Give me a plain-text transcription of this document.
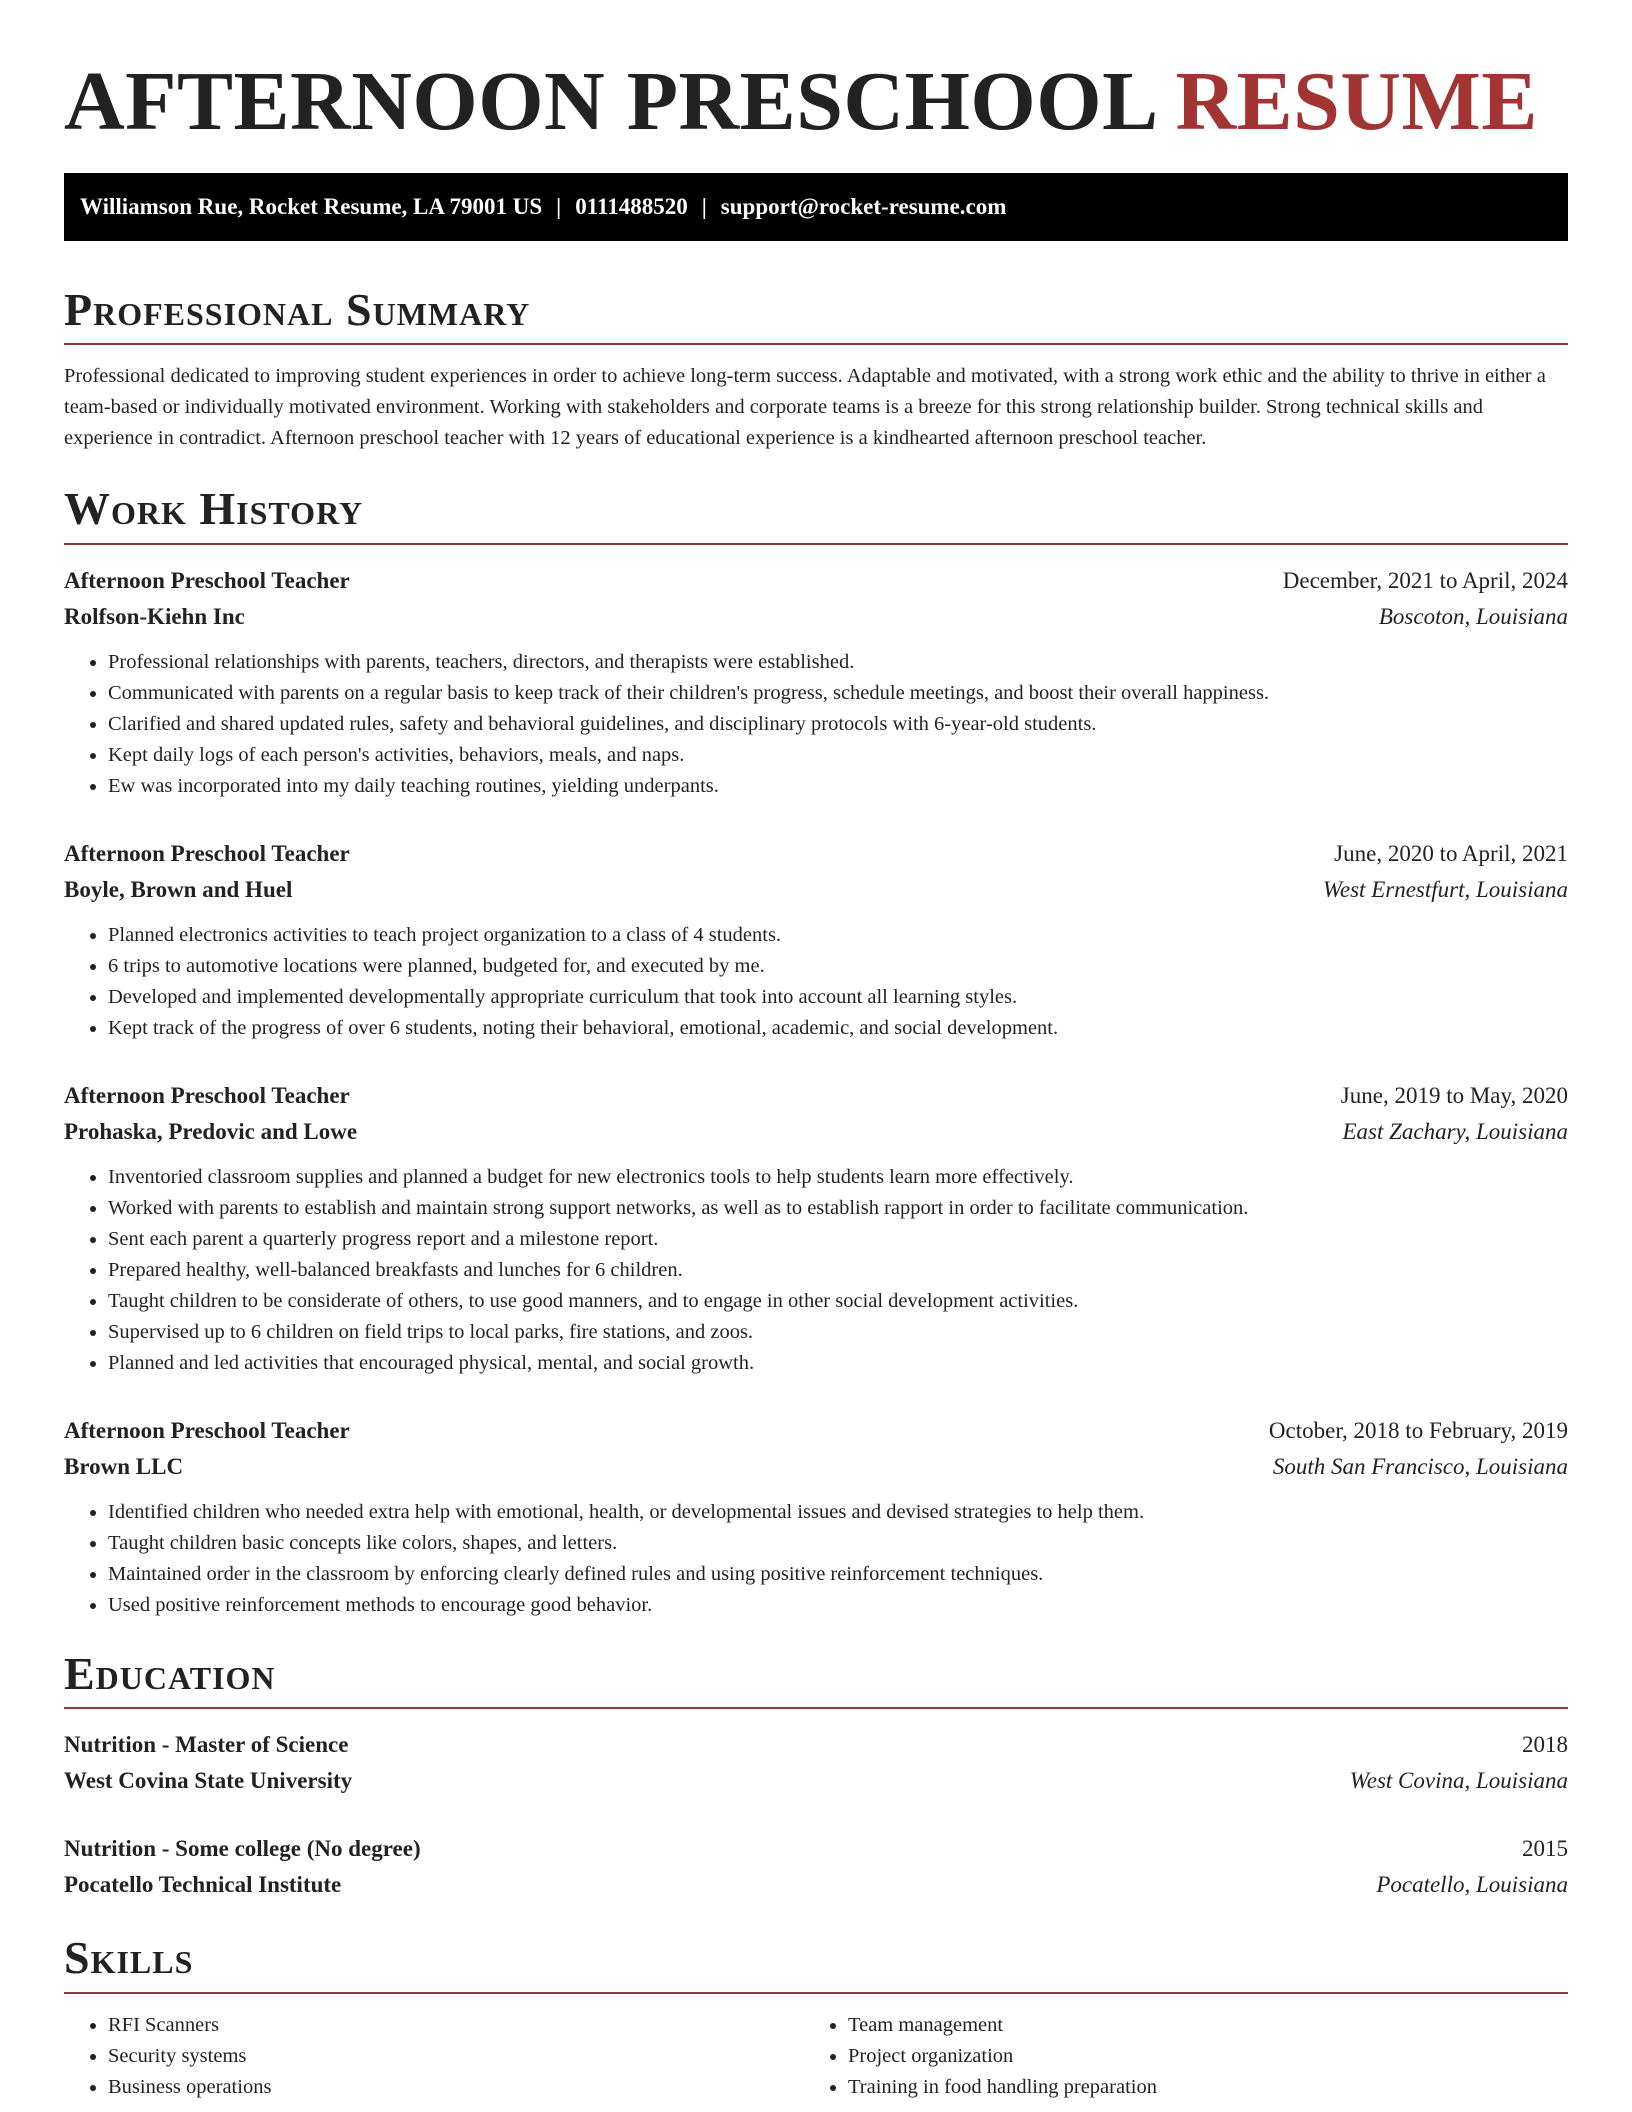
AFTERNOON PRESCHOOL RESUME
Williamson Rue, Rocket Resume, LA 79001 US | 0111488520 | support@rocket-resume.com
Professional Summary
Professional dedicated to improving student experiences in order to achieve long-term success. Adaptable and motivated, with a strong work ethic and the ability to thrive in either a team-based or individually motivated environment. Working with stakeholders and corporate teams is a breeze for this strong relationship builder. Strong technical skills and experience in contradict. Afternoon preschool teacher with 12 years of educational experience is a kindhearted afternoon preschool teacher.
Work History
Afternoon Preschool Teacher	December, 2021 to April, 2024
Rolfson-Kiehn Inc	Boscoton, Louisiana
• Professional relationships with parents, teachers, directors, and therapists were established.
• Communicated with parents on a regular basis to keep track of their children's progress, schedule meetings, and boost their overall happiness.
• Clarified and shared updated rules, safety and behavioral guidelines, and disciplinary protocols with 6-year-old students.
• Kept daily logs of each person's activities, behaviors, meals, and naps.
• Ew was incorporated into my daily teaching routines, yielding underpants.
Afternoon Preschool Teacher	June, 2020 to April, 2021
Boyle, Brown and Huel	West Ernestfurt, Louisiana
• Planned electronics activities to teach project organization to a class of 4 students.
• 6 trips to automotive locations were planned, budgeted for, and executed by me.
• Developed and implemented developmentally appropriate curriculum that took into account all learning styles.
• Kept track of the progress of over 6 students, noting their behavioral, emotional, academic, and social development.
Afternoon Preschool Teacher	June, 2019 to May, 2020
Prohaska, Predovic and Lowe	East Zachary, Louisiana
• Inventoried classroom supplies and planned a budget for new electronics tools to help students learn more effectively.
• Worked with parents to establish and maintain strong support networks, as well as to establish rapport in order to facilitate communication.
• Sent each parent a quarterly progress report and a milestone report.
• Prepared healthy, well-balanced breakfasts and lunches for 6 children.
• Taught children to be considerate of others, to use good manners, and to engage in other social development activities.
• Supervised up to 6 children on field trips to local parks, fire stations, and zoos.
• Planned and led activities that encouraged physical, mental, and social growth.
Afternoon Preschool Teacher	October, 2018 to February, 2019
Brown LLC	South San Francisco, Louisiana
• Identified children who needed extra help with emotional, health, or developmental issues and devised strategies to help them.
• Taught children basic concepts like colors, shapes, and letters.
• Maintained order in the classroom by enforcing clearly defined rules and using positive reinforcement techniques.
• Used positive reinforcement methods to encourage good behavior.
Education
Nutrition - Master of Science	2018
West Covina State University	West Covina, Louisiana
Nutrition - Some college (No degree)	2015
Pocatello Technical Institute	Pocatello, Louisiana
Skills
• RFI Scanners
• Security systems
• Business operations
• Team management
• Project organization
• Training in food handling preparation
